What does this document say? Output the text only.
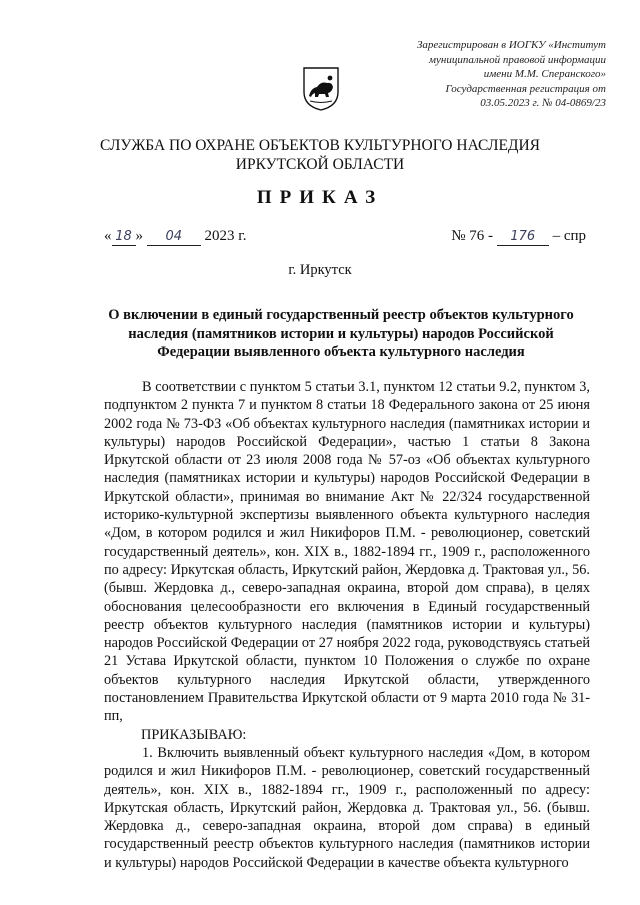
Зарегистрирован в ИОГКУ «Институт
муниципальной правовой информации
имени М.М. Сперанского»
Государственная регистрация от
03.05.2023 г. № 04-0869/23
СЛУЖБА ПО ОХРАНЕ ОБЪЕКТОВ КУЛЬТУРНОГО НАСЛЕДИЯ
ИРКУТСКОЙ ОБЛАСТИ
ПРИКАЗ
« 18 » 04 2023 г.	№ 76 - 176 – спр
г. Иркутск
О включении в единый государственный реестр объектов культурного наследия (памятников истории и культуры) народов Российской Федерации выявленного объекта культурного наследия

В соответствии с пунктом 5 статьи 3.1, пунктом 12 статьи 9.2, пунктом 3, подпунктом 2 пункта 7 и пунктом 8 статьи 18 Федерального закона от 25 июня 2002 года № 73-ФЗ «Об объектах культурного наследия (памятниках истории и культуры) народов Российской Федерации», частью 1 статьи 8 Закона Иркутской области от 23 июля 2008 года № 57-оз «Об объектах культурного наследия (памятниках истории и культуры) народов Российской Федерации в Иркутской области», принимая во внимание Акт № 22/324 государственной историко-культурной экспертизы выявленного объекта культурного наследия «Дом, в котором родился и жил Никифоров П.М. - революционер, советский государственный деятель», кон. XIX в., 1882-1894 гг., 1909 г., расположенного по адресу: Иркутская область, Иркутский район, Жердовка д. Трактовая ул., 56. (бывш. Жердовка д., северо-западная окраина, второй дом справа), в целях обоснования целесообразности его включения в Единый государственный реестр объектов культурного наследия (памятников истории и культуры) народов Российской Федерации от 27 ноября 2022 года, руководствуясь статьей 21 Устава Иркутской области, пунктом 10 Положения о службе по охране объектов культурного наследия Иркутской области, утвержденного постановлением Правительства Иркутской области от 9 марта 2010 года № 31-пп,

ПРИКАЗЫВАЮ:

1. Включить выявленный объект культурного наследия «Дом, в котором родился и жил Никифоров П.М. - революционер, советский государственный деятель», кон. XIX в., 1882-1894 гг., 1909 г., расположенный по адресу: Иркутская область, Иркутский район, Жердовка д. Трактовая ул., 56. (бывш. Жердовка д., северо-западная окраина, второй дом справа) в единый государственный реестр объектов культурного наследия (памятников истории и культуры) народов Российской Федерации в качестве объекта культурного
